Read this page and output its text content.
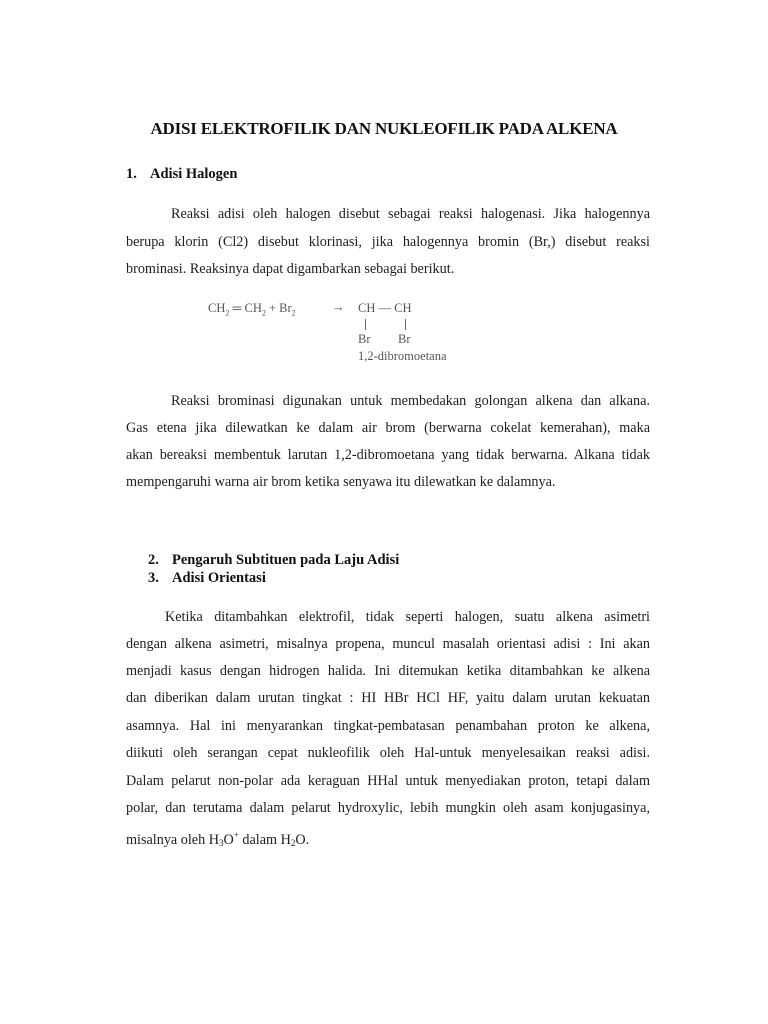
ADISI ELEKTROFILIK DAN NUKLEOFILIK PADA ALKENA
1. Adisi Halogen
Reaksi adisi oleh halogen disebut sebagai reaksi halogenasi. Jika halogennya
berupa klorin (Cl2) disebut klorinasi, jika halogennya bromin (Br,) disebut reaksi
brominasi. Reaksinya dapat digambarkan sebagai berikut.
$CH_2$ ═ $CH_2 + Br_2$	→ CH — CH
Br Br
1,2-dibromoetana
Reaksi brominasi digunakan untuk membedakan golongan alkena dan alkana.
Gas etena jika dilewatkan ke dalam air brom (berwarna cokelat kemerahan), maka
akan bereaksi membentuk larutan 1,2-dibromoetana yang tidak berwarna. Alkana tidak
mempengaruhi warna air brom ketika senyawa itu dilewatkan ke dalamnya.
2. Pengaruh Subtituen pada Laju Adisi
3. Adisi Orientasi
Ketika ditambahkan elektrofil, tidak seperti halogen, suatu alkena asimetri
dengan alkena asimetri, misalnya propena, muncul masalah orientasi adisi : Ini akan
menjadi kasus dengan hidrogen halida. Ini ditemukan ketika ditambahkan ke alkena
dan diberikan dalam urutan tingkat : HI HBr HCl HF, yaitu dalam urutan kekuatan
asamnya. Hal ini menyarankan tingkat-pembatasan penambahan proton ke alkena,
diikuti oleh serangan cepat nukleofilik oleh Hal-untuk menyelesaikan reaksi adisi.
Dalam pelarut non-polar ada keraguan HHal untuk menyediakan proton, tetapi dalam
polar, dan terutama dalam pelarut hydroxylic, lebih mungkin oleh asam konjugasinya,
misalnya oleh H3O+ dalam H2O.
